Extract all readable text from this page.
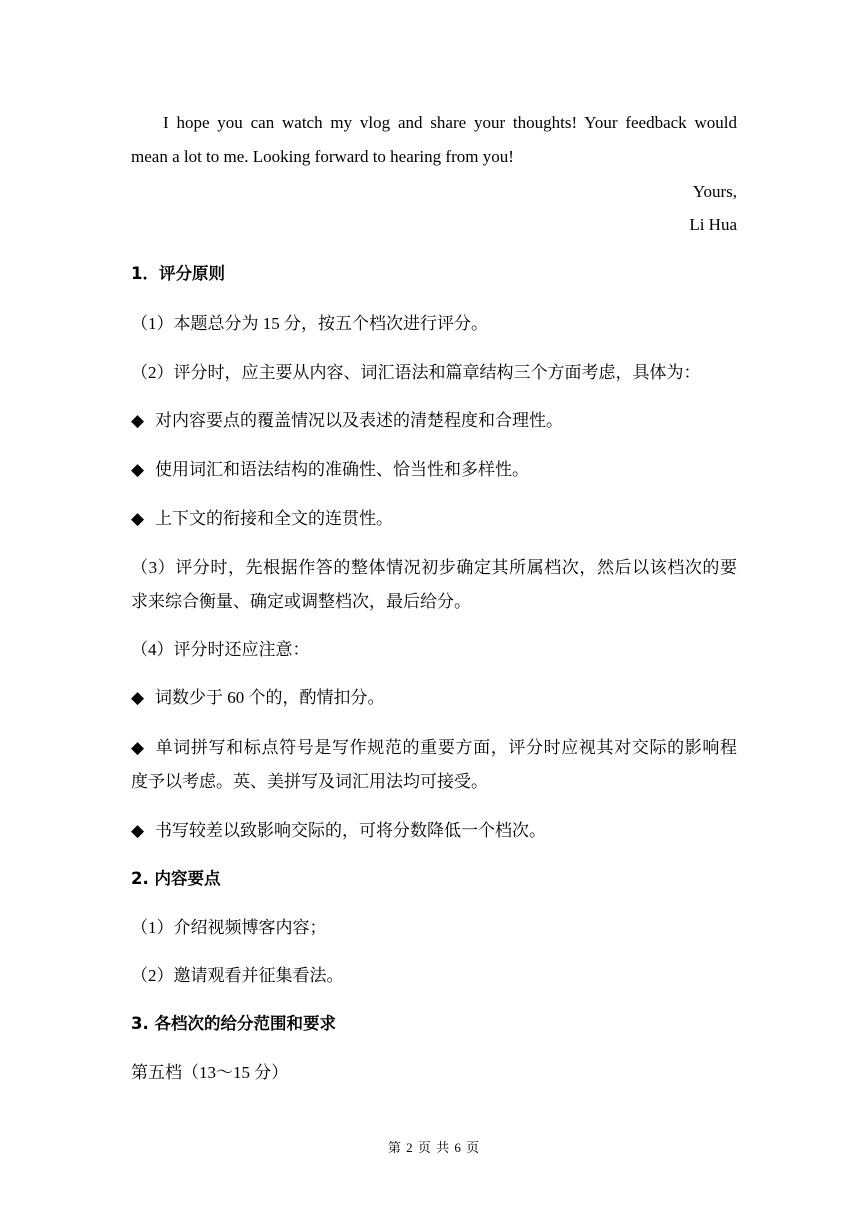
I hope you can watch my vlog and share your thoughts! Your feedback would
mean a lot to me. Looking forward to hearing from you!
Yours,
Li Hua
1．评分原则
（1）本题总分为 15 分，按五个档次进行评分。
（2）评分时，应主要从内容、词汇语法和篇章结构三个方面考虑，具体为：
◆ 对内容要点的覆盖情况以及表述的清楚程度和合理性。
◆ 使用词汇和语法结构的准确性、恰当性和多样性。
◆ 上下文的衔接和全文的连贯性。
（3）评分时，先根据作答的整体情况初步确定其所属档次，然后以该档次的要
求来综合衡量、确定或调整档次，最后给分。
（4）评分时还应注意：
◆ 词数少于 60 个的，酌情扣分。
◆ 单词拼写和标点符号是写作规范的重要方面，评分时应视其对交际的影响程
度予以考虑。英、美拼写及词汇用法均可接受。
◆ 书写较差以致影响交际的，可将分数降低一个档次。
2. 内容要点
（1）介绍视频博客内容；
（2）邀请观看并征集看法。
3. 各档次的给分范围和要求
第五档（13～15 分）
第 2 页 共 6 页
